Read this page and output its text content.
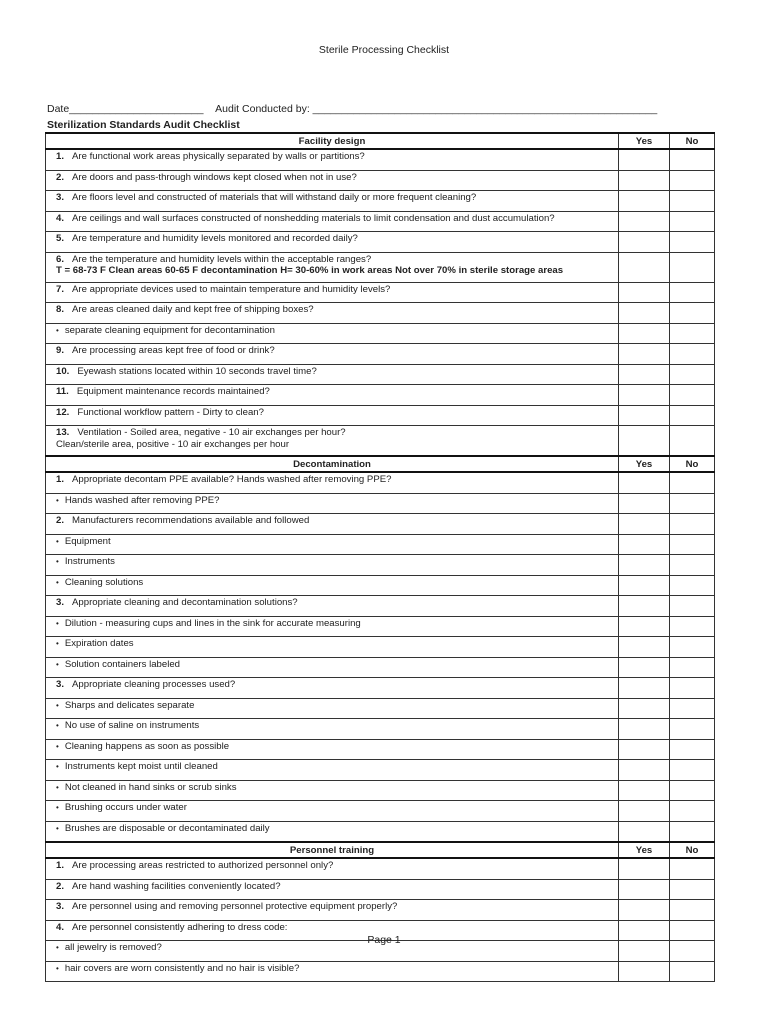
Sterile Processing Checklist
Date_______________________ Audit Conducted by: ___________________________________________________________
Sterilization Standards Audit Checklist
Facility design	Yes	No
1. Are functional work areas physically separated by walls or partitions?		
2. Are doors and pass-through windows kept closed when not in use?		
3. Are floors level and constructed of materials that will withstand daily or more frequent cleaning?		
4. Are ceilings and wall surfaces constructed of nonshedding materials to limit condensation and dust accumulation?		
5. Are temperature and humidity levels monitored and recorded daily?		
6. Are the temperature and humidity levels within the acceptable ranges?
T = 68-73 F Clean areas 60-65 F decontamination H= 30-60% in work areas Not over 70% in sterile storage areas		

7. Are appropriate devices used to maintain temperature and humidity levels?		
8. Are areas cleaned daily and kept free of shipping boxes?		
• separate cleaning equipment for decontamination		
9. Are processing areas kept free of food or drink?		
10. Eyewash stations located within 10 seconds travel time?		
11. Equipment maintenance records maintained?		
12. Functional workflow pattern - Dirty to clean?		
13. Ventilation - Soiled area, negative - 10 air exchanges per hour?
Clean/sterile area, positive - 10 air exchanges per hour		

Decontamination	Yes	No
1. Appropriate decontam PPE available? Hands washed after removing PPE?		
• Hands washed after removing PPE?		
2. Manufacturers recommendations available and followed		
• Equipment		
• Instruments		
• Cleaning solutions		
3. Appropriate cleaning and decontamination solutions?		
• Dilution - measuring cups and lines in the sink for accurate measuring		
• Expiration dates		
• Solution containers labeled		
3. Appropriate cleaning processes used?		
• Sharps and delicates separate		
• No use of saline on instruments		
• Cleaning happens as soon as possible		
• Instruments kept moist until cleaned		
• Not cleaned in hand sinks or scrub sinks		
• Brushing occurs under water		
• Brushes are disposable or decontaminated daily		
Personnel training	Yes	No
1. Are processing areas restricted to authorized personnel only?		
2. Are hand washing facilities conveniently located?		
3. Are personnel using and removing personnel protective equipment properly?		
4. Are personnel consistently adhering to dress code:		
• all jewelry is removed?		
• hair covers are worn consistently and no hair is visible?		
Page 1
